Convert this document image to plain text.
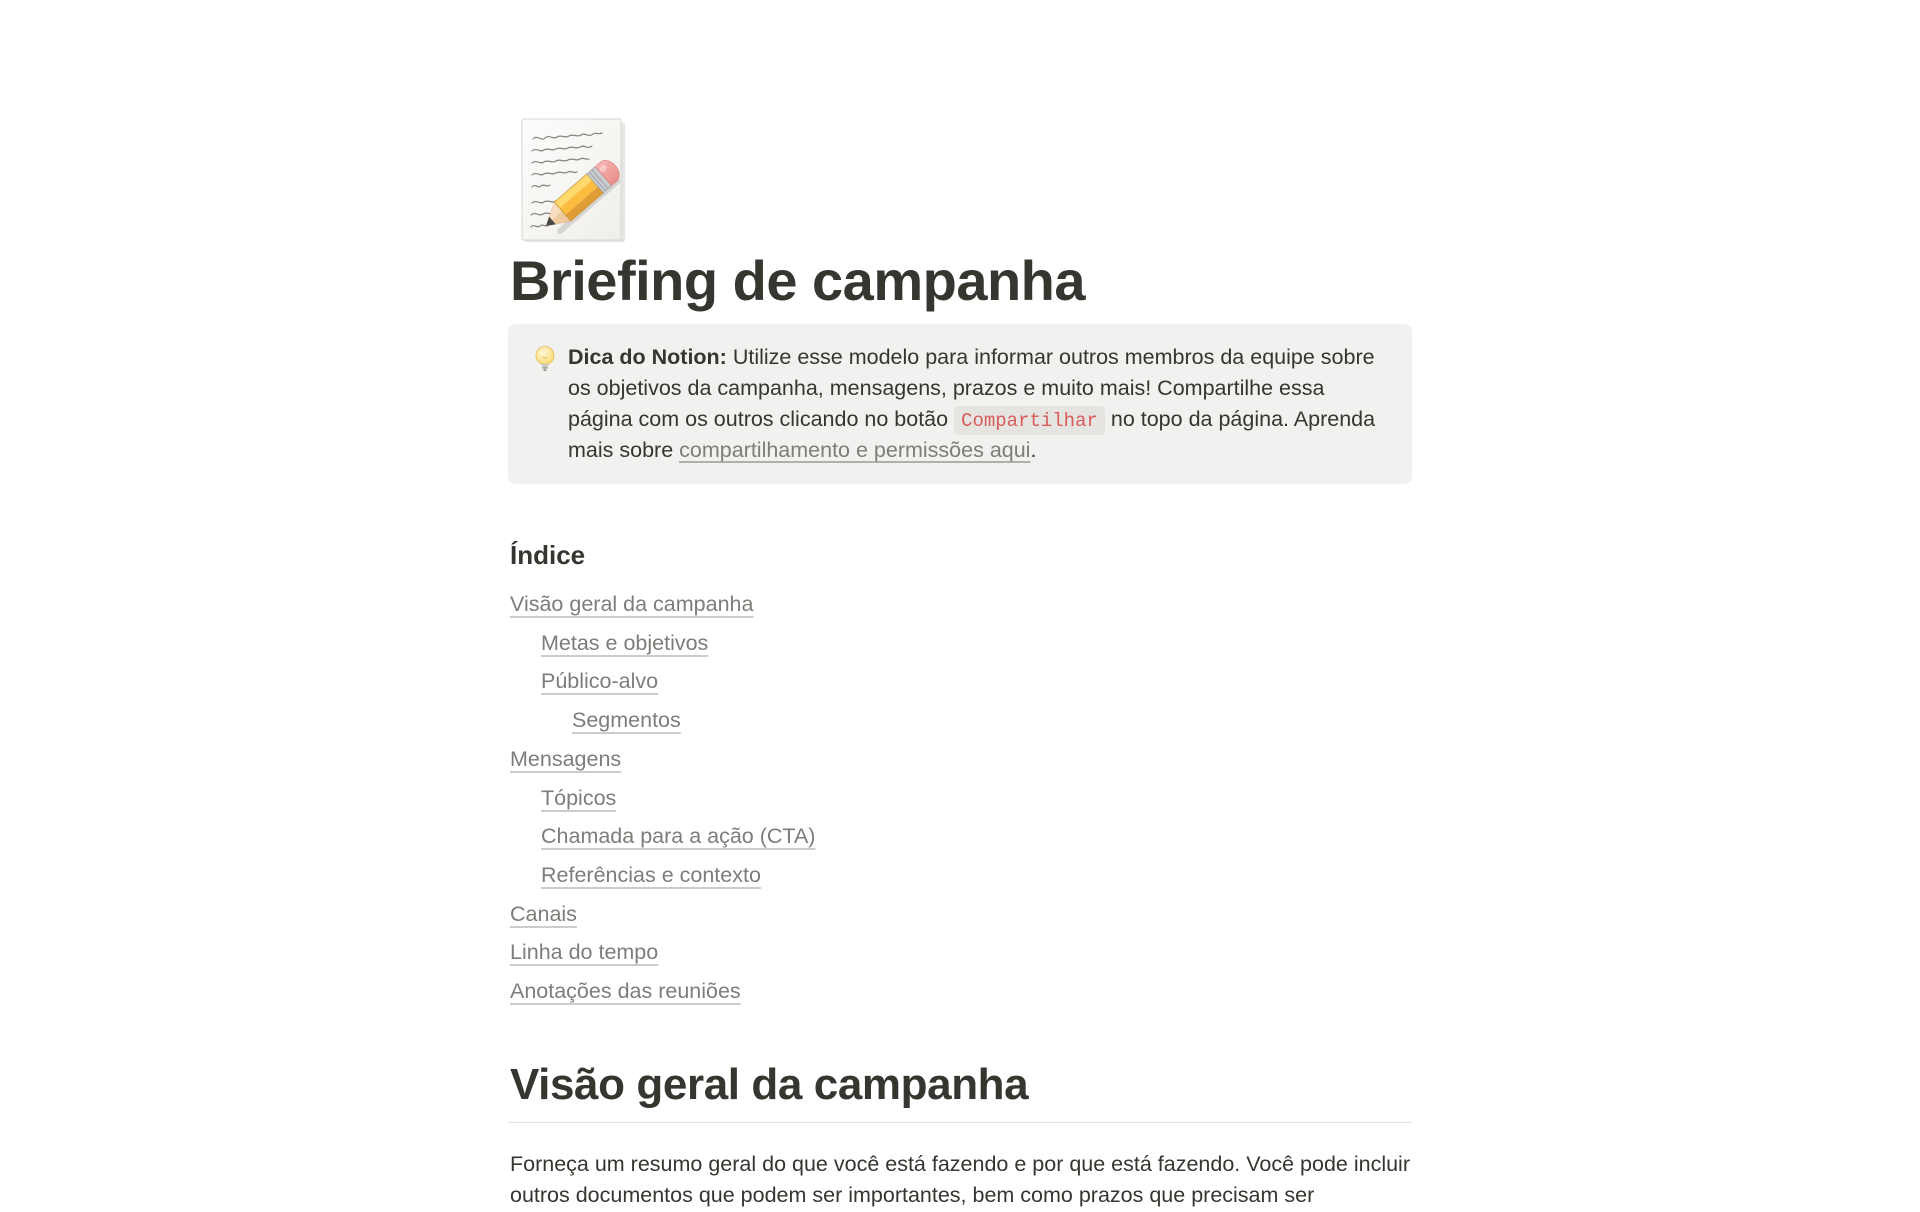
Briefing de campanha
Dica do Notion: Utilize esse modelo para informar outros membros da equipe sobre os objetivos da campanha, mensagens, prazos e muito mais! Compartilhe essa página com os outros clicando no botão Compartilhar no topo da página. Aprenda mais sobre compartilhamento e permissões aqui.
Índice
Visão geral da campanha
Metas e objetivos
Público-alvo
Segmentos
Mensagens
Tópicos
Chamada para a ação (CTA)
Referências e contexto
Canais
Linha do tempo
Anotações das reuniões
Visão geral da campanha

Forneça um resumo geral do que você está fazendo e por que está fazendo. Você pode incluir outros documentos que podem ser importantes, bem como prazos que precisam ser
